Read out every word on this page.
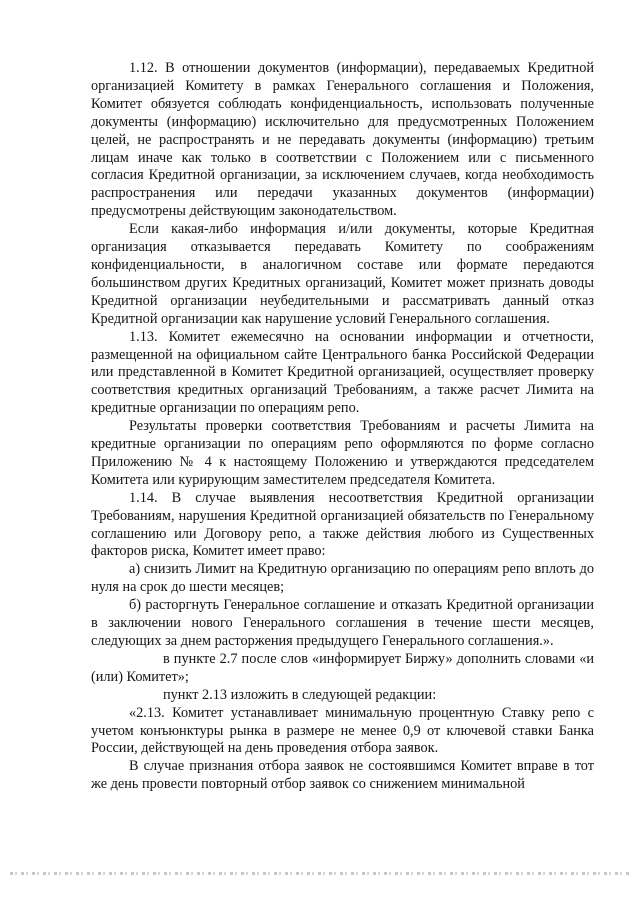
1.12. В отношении документов (информации), передаваемых Кредитной организацией Комитету в рамках Генерального соглашения и Положения, Комитет обязуется соблюдать конфиденциальность, использовать полученные документы (информацию) исключительно для предусмотренных Положением целей, не распространять и не передавать документы (информацию) третьим лицам иначе как только в соответствии с Положением или с письменного согласия Кредитной организации, за исключением случаев, когда необходимость распространения или передачи указанных документов (информации) предусмотрены действующим законодательством.

Если какая-либо информация и/или документы, которые Кредитная организация отказывается передавать Комитету по соображениям конфиденциальности, в аналогичном составе или формате передаются большинством других Кредитных организаций, Комитет может признать доводы Кредитной организации неубедительными и рассматривать данный отказ Кредитной организации как нарушение условий Генерального соглашения.

1.13. Комитет ежемесячно на основании информации и отчетности, размещенной на официальном сайте Центрального банка Российской Федерации или представленной в Комитет Кредитной организацией, осуществляет проверку соответствия кредитных организаций Требованиям, а также расчет Лимита на кредитные организации по операциям репо.

Результаты проверки соответствия Требованиям и расчеты Лимита на кредитные организации по операциям репо оформляются по форме согласно Приложению № 4 к настоящему Положению и утверждаются председателем Комитета или курирующим заместителем председателя Комитета.

1.14. В случае выявления несоответствия Кредитной организации Требованиям, нарушения Кредитной организацией обязательств по Генеральному соглашению или Договору репо, а также действия любого из Существенных факторов риска, Комитет имеет право:

а) снизить Лимит на Кредитную организацию по операциям репо вплоть до нуля на срок до шести месяцев;

б) расторгнуть Генеральное соглашение и отказать Кредитной организации в заключении нового Генерального соглашения в течение шести месяцев, следующих за днем расторжения предыдущего Генерального соглашения.».

в пункте 2.7 после слов «информирует Биржу» дополнить словами «и (или) Комитет»;

пункт 2.13 изложить в следующей редакции:

«2.13. Комитет устанавливает минимальную процентную Ставку репо с учетом конъюнктуры рынка в размере не менее 0,9 от ключевой ставки Банка России, действующей на день проведения отбора заявок.

В случае признания отбора заявок не состоявшимся Комитет вправе в тот же день провести повторный отбор заявок со снижением минимальной
